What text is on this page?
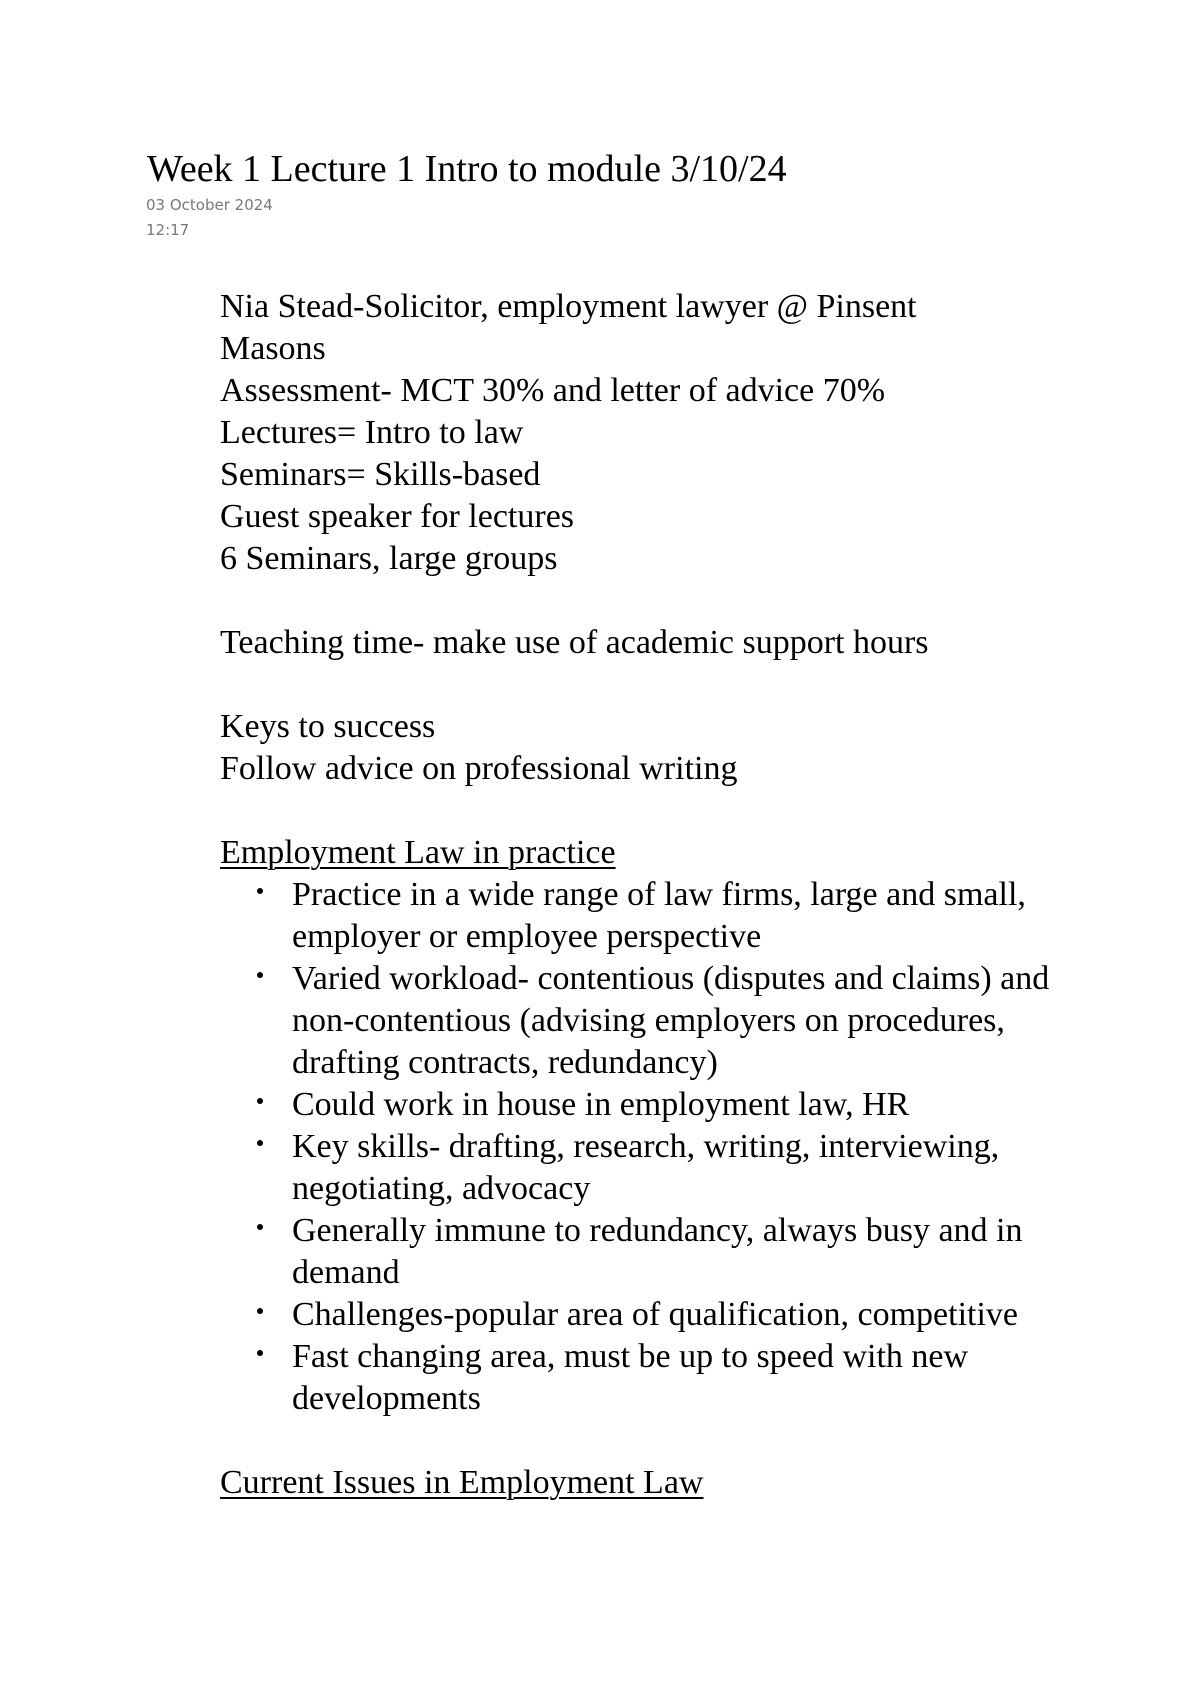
Week 1 Lecture 1 Intro to module 3/10/24
03 October 2024
12:17

Nia Stead-Solicitor, employment lawyer @ Pinsent Masons

Assessment- MCT 30% and letter of advice 70%

Lectures= Intro to law

Seminars= Skills-based

Guest speaker for lectures

6 Seminars, large groups

Teaching time- make use of academic support hours

Keys to success

Follow advice on professional writing

Employment Law in practice

Practice in a wide range of law firms, large and small, employer or employee perspective
Varied workload- contentious (disputes and claims) and non-contentious (advising employers on procedures, drafting contracts, redundancy)
Could work in house in employment law, HR
Key skills- drafting, research, writing, interviewing, negotiating, advocacy
Generally immune to redundancy, always busy and in demand
Challenges-popular area of qualification, competitive
Fast changing area, must be up to speed with new developments

Current Issues in Employment Law
